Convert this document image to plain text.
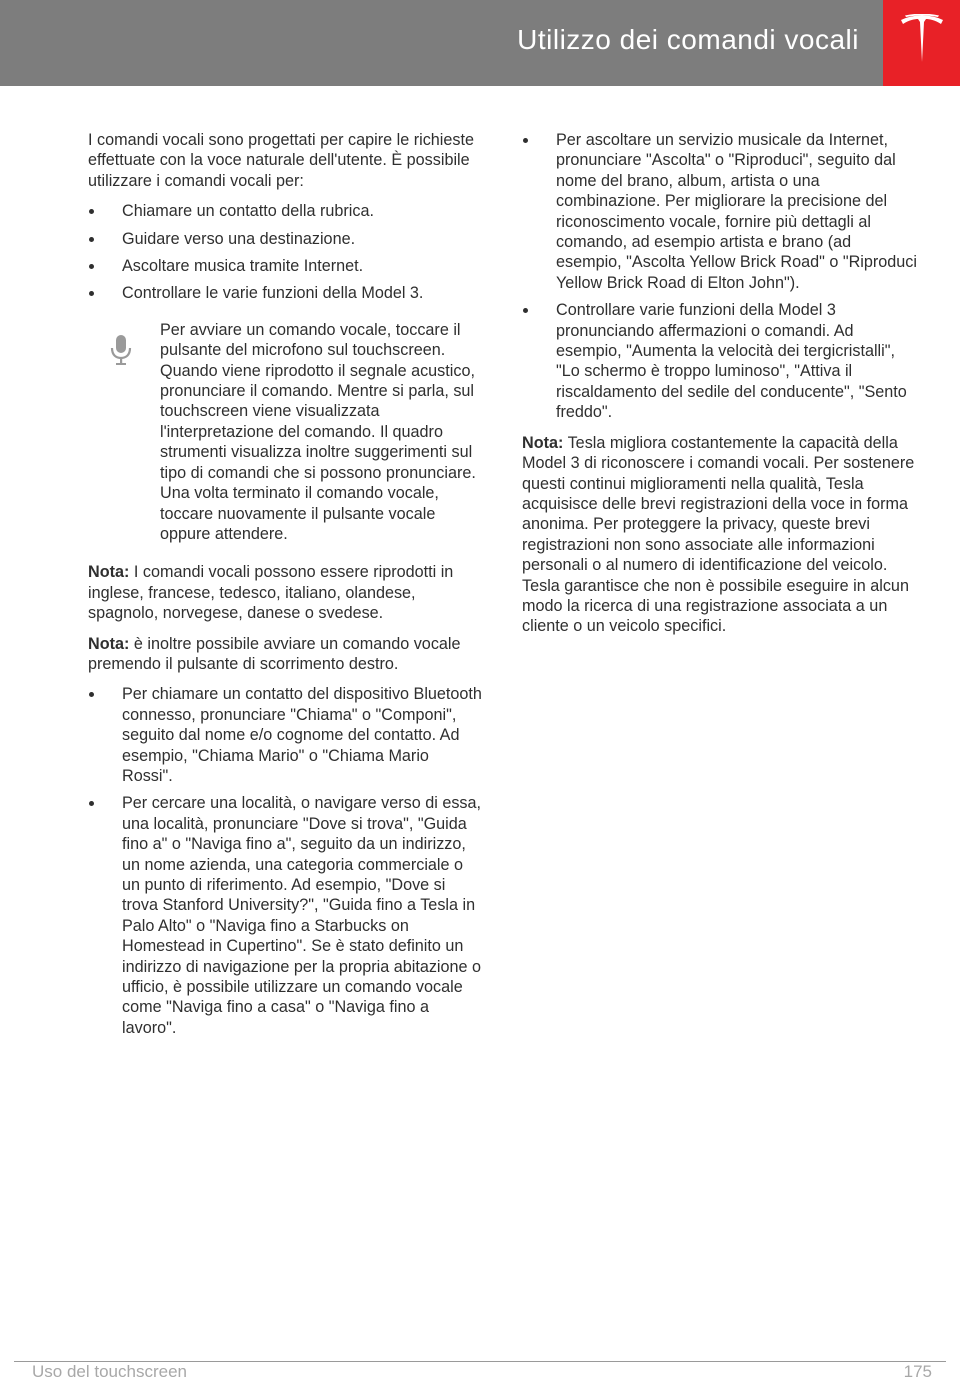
Utilizzo dei comandi vocali

I comandi vocali sono progettati per capire le richieste effettuate con la voce naturale dell'utente. È possibile utilizzare i comandi vocali per:

Chiamare un contatto della rubrica.
Guidare verso una destinazione.
Ascoltare musica tramite Internet.
Controllare le varie funzioni della Model 3.
Per avviare un comando vocale, toccare il pulsante del microfono sul touchscreen. Quando viene riprodotto il segnale acustico, pronunciare il comando. Mentre si parla, sul touchscreen viene visualizzata l'interpretazione del comando. Il quadro strumenti visualizza inoltre suggerimenti sul tipo di comandi che si possono pronunciare. Una volta terminato il comando vocale, toccare nuovamente il pulsante vocale oppure attendere.

Nota: I comandi vocali possono essere riprodotti in inglese, francese, tedesco, italiano, olandese, spagnolo, norvegese, danese o svedese.

Nota: è inoltre possibile avviare un comando vocale premendo il pulsante di scorrimento destro.

Per chiamare un contatto del dispositivo Bluetooth connesso, pronunciare "Chiama" o "Componi", seguito dal nome e/o cognome del contatto. Ad esempio, "Chiama Mario" o "Chiama Mario Rossi".
Per cercare una località, o navigare verso di essa, una località, pronunciare "Dove si trova", "Guida fino a" o "Naviga fino a", seguito da un indirizzo, un nome azienda, una categoria commerciale o un punto di riferimento. Ad esempio, "Dove si trova Stanford University?", "Guida fino a Tesla in Palo Alto" o "Naviga fino a Starbucks on Homestead in Cupertino". Se è stato definito un indirizzo di navigazione per la propria abitazione o ufficio, è possibile utilizzare un comando vocale come "Naviga fino a casa" o "Naviga fino a lavoro".
Per ascoltare un servizio musicale da Internet, pronunciare "Ascolta" o "Riproduci", seguito dal nome del brano, album, artista o una combinazione. Per migliorare la precisione del riconoscimento vocale, fornire più dettagli al comando, ad esempio artista e brano (ad esempio, "Ascolta Yellow Brick Road" o "Riproduci Yellow Brick Road di Elton John").
Controllare varie funzioni della Model 3 pronunciando affermazioni o comandi. Ad esempio, "Aumenta la velocità dei tergicristalli", "Lo schermo è troppo luminoso", "Attiva il riscaldamento del sedile del conducente", "Sento freddo".

Nota: Tesla migliora costantemente la capacità della Model 3 di riconoscere i comandi vocali. Per sostenere questi continui miglioramenti nella qualità, Tesla acquisisce delle brevi registrazioni della voce in forma anonima. Per proteggere la privacy, queste brevi registrazioni non sono associate alle informazioni personali o al numero di identificazione del veicolo. Tesla garantisce che non è possibile eseguire in alcun modo la ricerca di una registrazione associata a un cliente o un veicolo specifici.

Uso del touchscreen	175
